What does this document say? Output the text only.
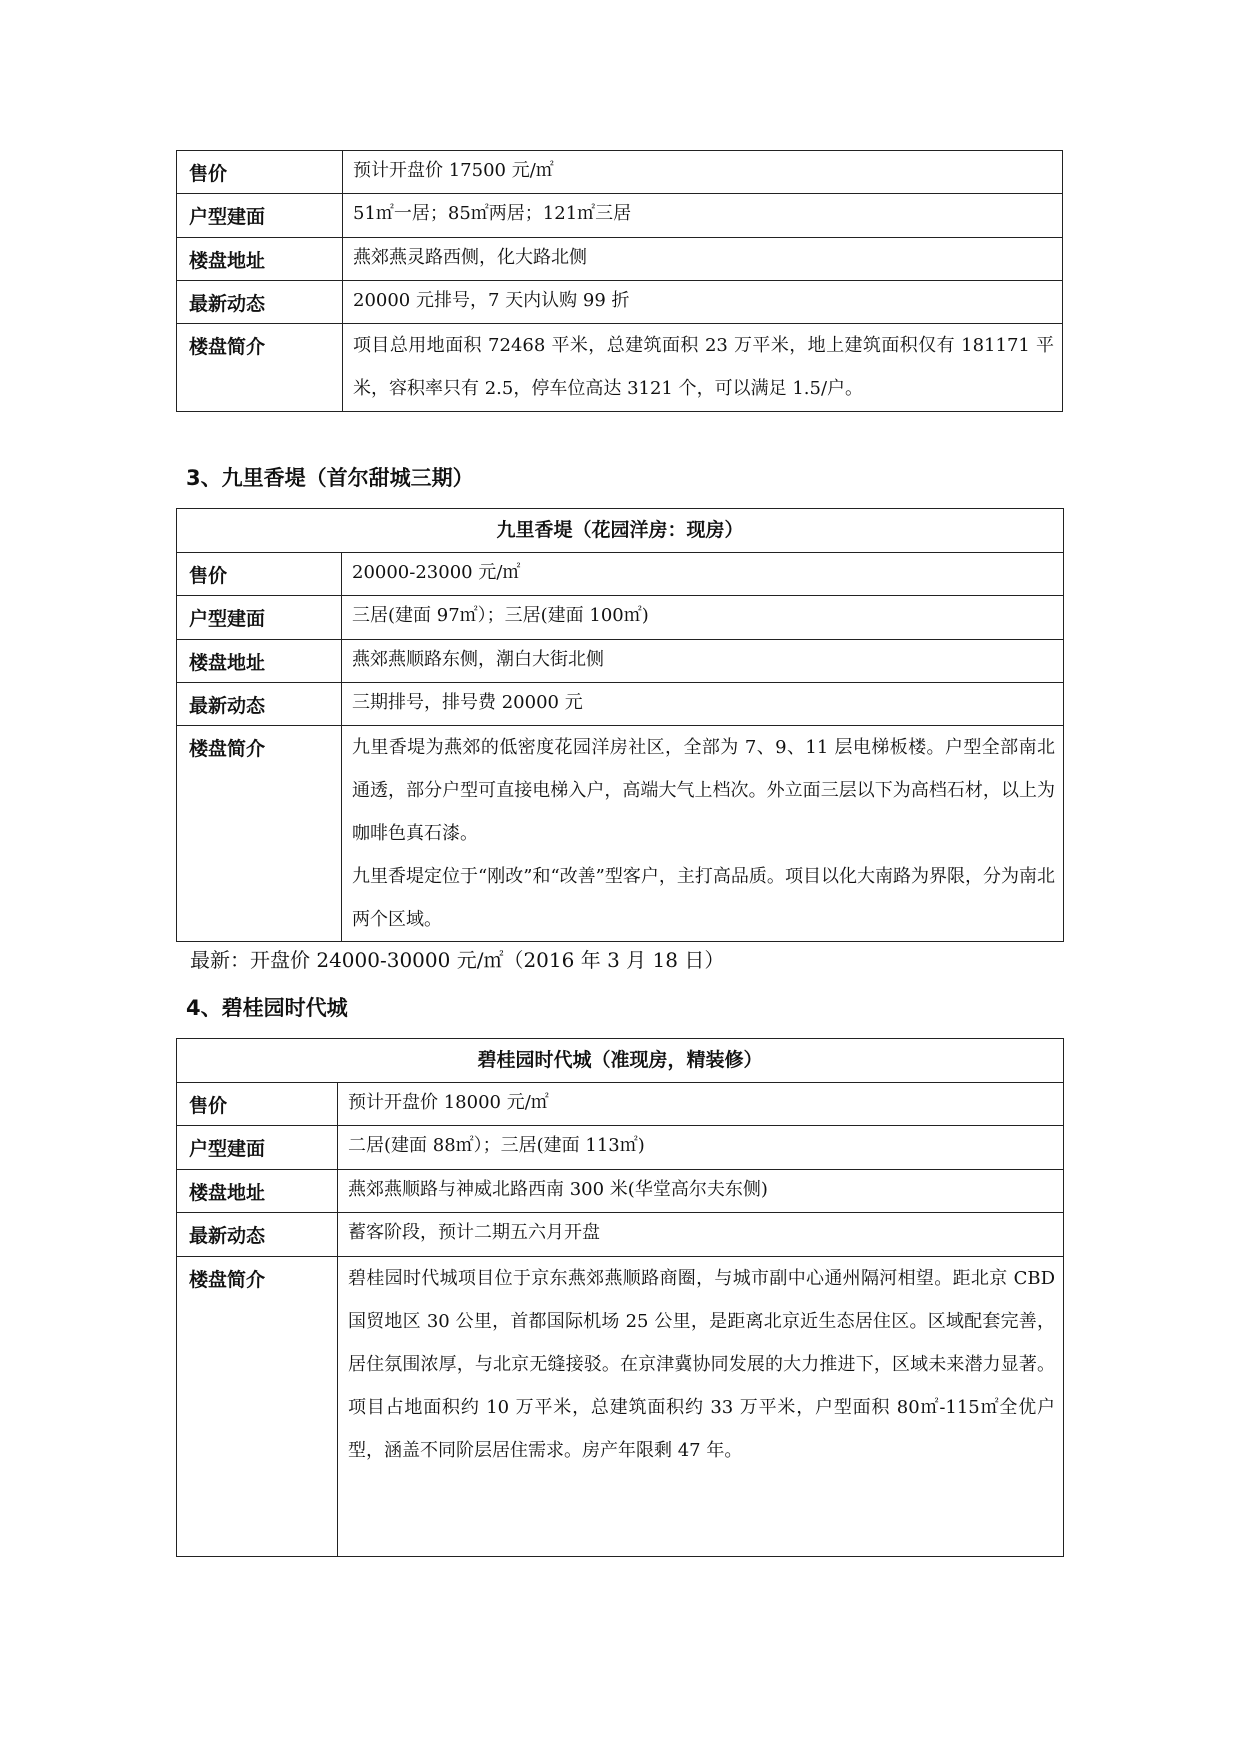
售价	预计开盘价 17500 元/㎡
户型建面	51㎡一居；85㎡两居；121㎡三居
楼盘地址	燕郊燕灵路西侧，化大路北侧
最新动态	20000 元排号，7 天内认购 99 折
楼盘简介	项目总用地面积 72468 平米，总建筑面积 23 万平米，地上建筑面积仅有 181171 平米，容积率只有 2.5，停车位高达 3121 个，可以满足 1.5/户。

3、九里香堤（首尔甜城三期）
九里香堤（花园洋房：现房）	
售价	20000-23000 元/㎡
户型建面	三居(建面 97㎡）；三居(建面 100㎡)
楼盘地址	燕郊燕顺路东侧，潮白大街北侧
最新动态	三期排号，排号费 20000 元
楼盘简介	九里香堤为燕郊的低密度花园洋房社区，全部为 7、9、11 层电梯板楼。户型全部南北通透，部分户型可直接电梯入户，高端大气上档次。外立面三层以下为高档石材，以上为咖啡色真石漆。

九里香堤定位于“刚改”和“改善”型客户，主打高品质。项目以化大南路为界限，分为南北两个区域。

最新：开盘价 24000-30000 元/㎡（2016 年 3 月 18 日）

4、碧桂园时代城
碧桂园时代城（准现房，精装修）	
售价	预计开盘价 18000 元/㎡
户型建面	二居(建面 88㎡）；三居(建面 113㎡)
楼盘地址	燕郊燕顺路与神威北路西南 300 米(华堂高尔夫东侧)
最新动态	蓄客阶段，预计二期五六月开盘
楼盘简介	碧桂园时代城项目位于京东燕郊燕顺路商圈，与城市副中心通州隔河相望。距北京 CBD 国贸地区 30 公里，首都国际机场 25 公里，是距离北京近生态居住区。区域配套完善，居住氛围浓厚，与北京无缝接驳。在京津冀协同发展的大力推进下，区域未来潜力显著。项目占地面积约 10 万平米，总建筑面积约 33 万平米，户型面积 80㎡-115㎡全优户型，涵盖不同阶层居住需求。房产年限剩 47 年。
